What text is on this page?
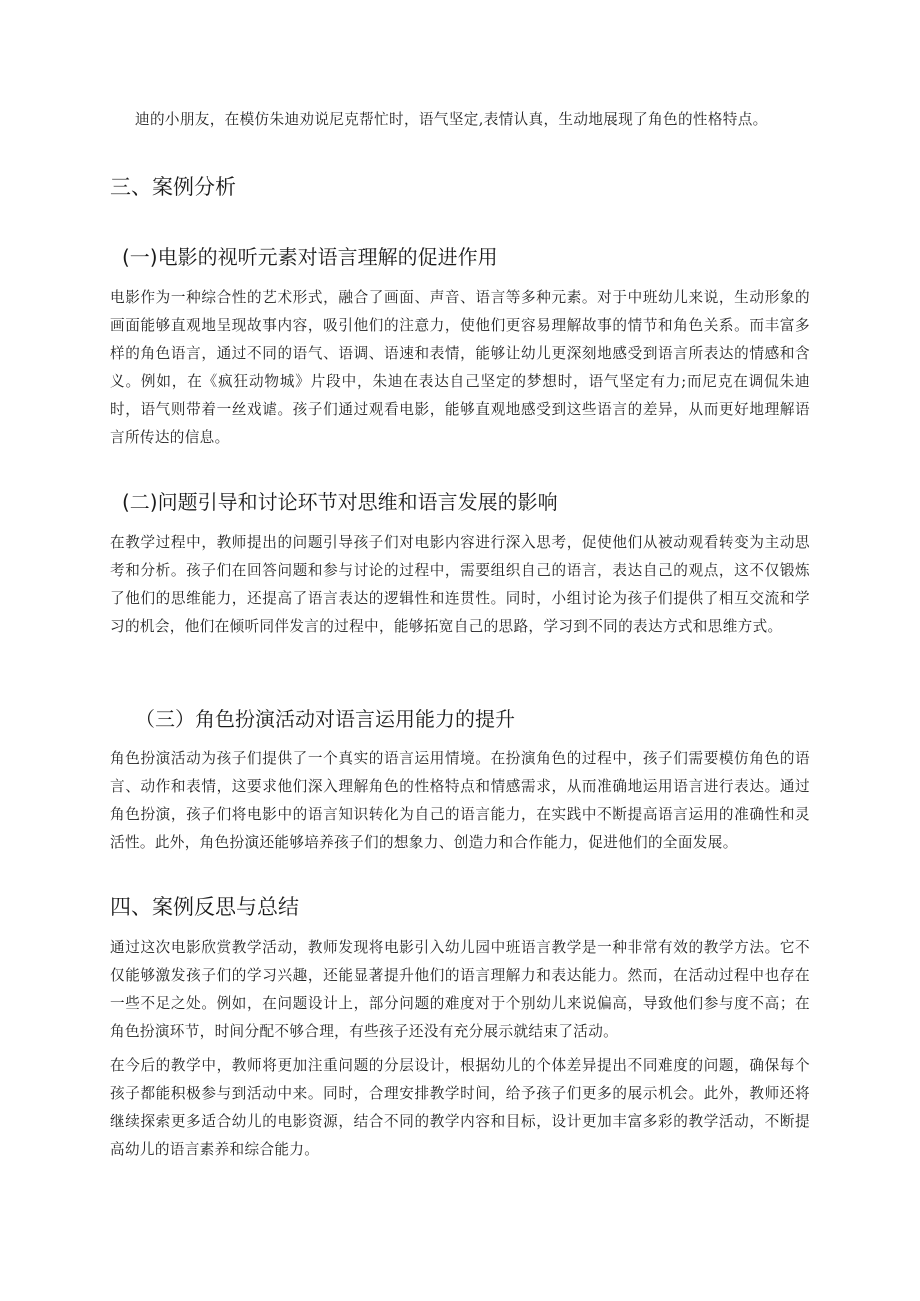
迪的小朋友，在模仿朱迪劝说尼克帮忙时，语气坚定,表情认真，生动地展现了角色的性格特点。

三、案例分析
(一)电影的视听元素对语言理解的促进作用

电影作为一种综合性的艺术形式，融合了画面、声音、语言等多种元素。对于中班幼儿来说，生动形象的画面能够直观地呈现故事内容，吸引他们的注意力，使他们更容易理解故事的情节和角色关系。而丰富多样的角色语言，通过不同的语气、语调、语速和表情，能够让幼儿更深刻地感受到语言所表达的情感和含义。例如，在《疯狂动物城》片段中，朱迪在表达自己坚定的梦想时，语气坚定有力;而尼克在调侃朱迪时，语气则带着一丝戏谑。孩子们通过观看电影，能够直观地感受到这些语言的差异，从而更好地理解语言所传达的信息。

(二)问题引导和讨论环节对思维和语言发展的影响

在教学过程中，教师提出的问题引导孩子们对电影内容进行深入思考，促使他们从被动观看转变为主动思考和分析。孩子们在回答问题和参与讨论的过程中，需要组织自己的语言，表达自己的观点，这不仅锻炼了他们的思维能力，还提高了语言表达的逻辑性和连贯性。同时，小组讨论为孩子们提供了相互交流和学习的机会，他们在倾听同伴发言的过程中，能够拓宽自己的思路，学习到不同的表达方式和思维方式。

（三）角色扮演活动对语言运用能力的提升

角色扮演活动为孩子们提供了一个真实的语言运用情境。在扮演角色的过程中，孩子们需要模仿角色的语言、动作和表情，这要求他们深入理解角色的性格特点和情感需求，从而准确地运用语言进行表达。通过角色扮演，孩子们将电影中的语言知识转化为自己的语言能力，在实践中不断提高语言运用的准确性和灵活性。此外，角色扮演还能够培养孩子们的想象力、创造力和合作能力，促进他们的全面发展。

四、案例反思与总结

通过这次电影欣赏教学活动，教师发现将电影引入幼儿园中班语言教学是一种非常有效的教学方法。它不仅能够激发孩子们的学习兴趣，还能显著提升他们的语言理解力和表达能力。然而，在活动过程中也存在一些不足之处。例如，在问题设计上，部分问题的难度对于个别幼儿来说偏高，导致他们参与度不高；在角色扮演环节，时间分配不够合理，有些孩子还没有充分展示就结束了活动。

在今后的教学中，教师将更加注重问题的分层设计，根据幼儿的个体差异提出不同难度的问题，确保每个孩子都能积极参与到活动中来。同时，合理安排教学时间，给予孩子们更多的展示机会。此外，教师还将继续探索更多适合幼儿的电影资源，结合不同的教学内容和目标，设计更加丰富多彩的教学活动，不断提高幼儿的语言素养和综合能力。
